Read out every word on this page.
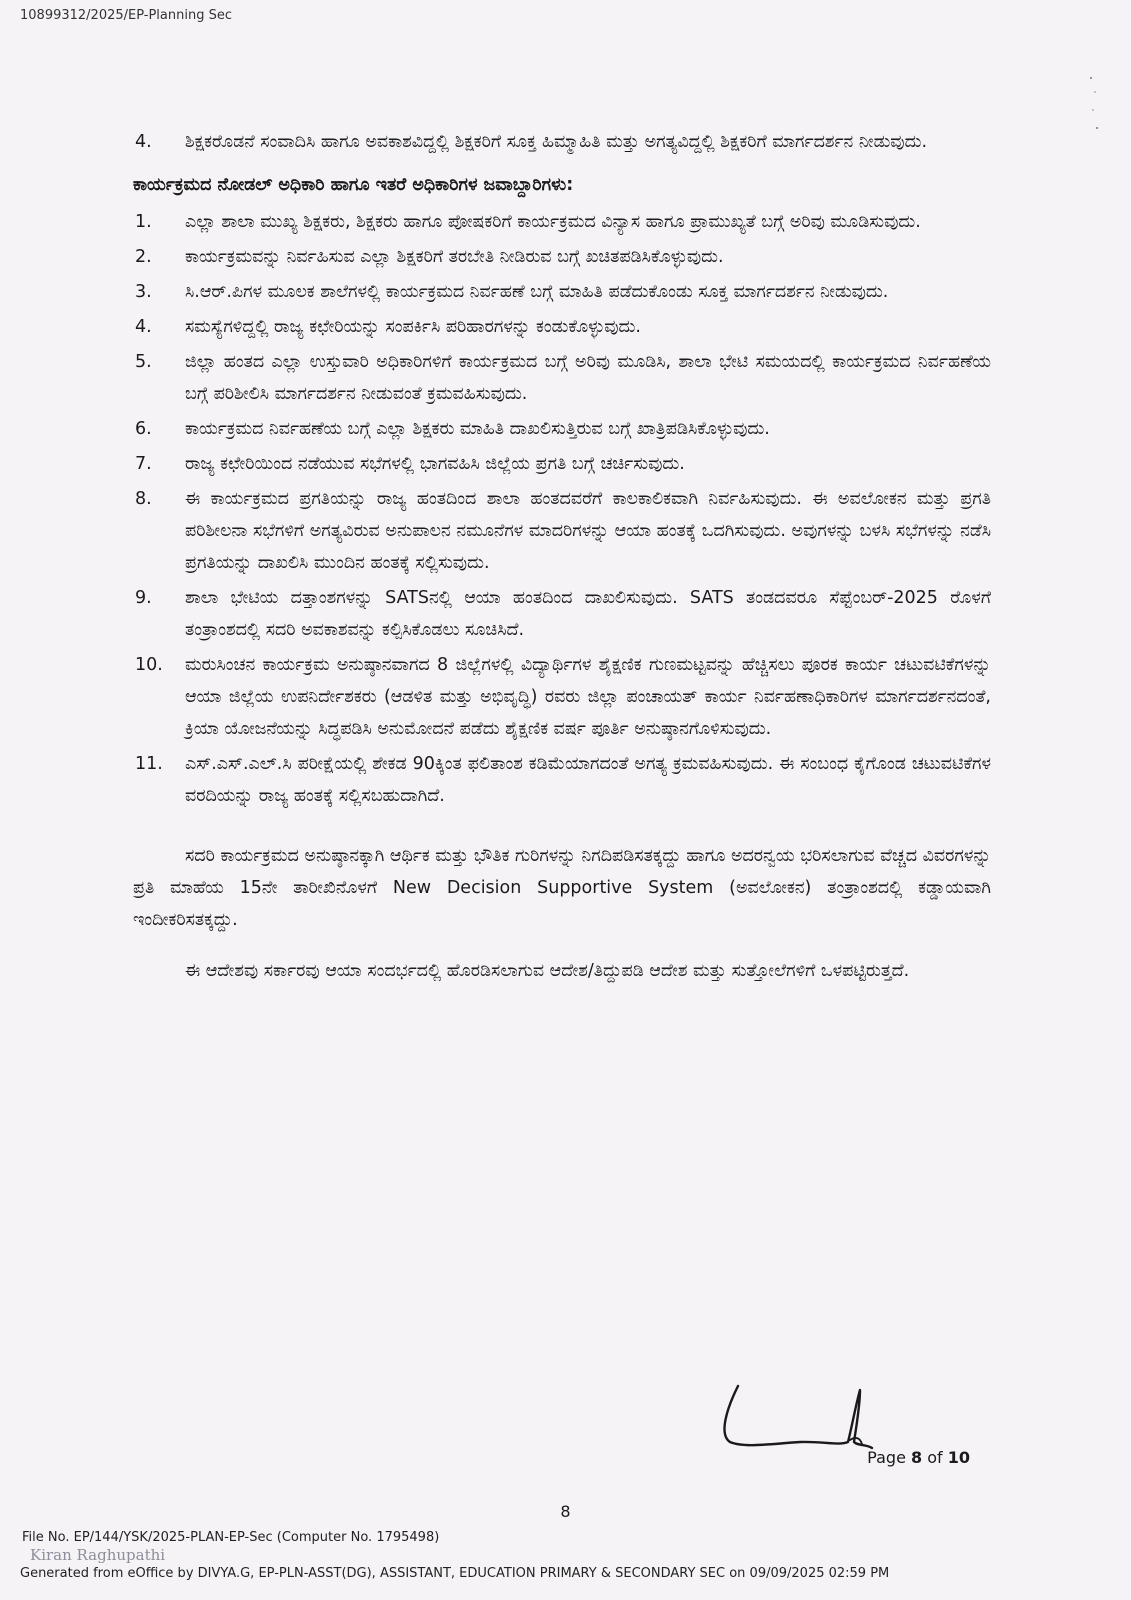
10899312/2025/EP-Planning Sec
4. ಶಿಕ್ಷಕರೊಡನೆ ಸಂವಾದಿಸಿ ಹಾಗೂ ಅವಕಾಶವಿದ್ದಲ್ಲಿ ಶಿಕ್ಷಕರಿಗೆ ಸೂಕ್ತ ಹಿಮ್ಮಾಹಿತಿ ಮತ್ತು ಅಗತ್ಯವಿದ್ದಲ್ಲಿ ಶಿಕ್ಷಕರಿಗೆ ಮಾರ್ಗದರ್ಶನ ನೀಡುವುದು.
ಕಾರ್ಯಕ್ರಮದ ನೋಡಲ್ ಅಧಿಕಾರಿ ಹಾಗೂ ಇತರೆ ಅಧಿಕಾರಿಗಳ ಜವಾಬ್ದಾರಿಗಳು:
1. ಎಲ್ಲಾ ಶಾಲಾ ಮುಖ್ಯ ಶಿಕ್ಷಕರು, ಶಿಕ್ಷಕರು ಹಾಗೂ ಪೋಷಕರಿಗೆ ಕಾರ್ಯಕ್ರಮದ ವಿನ್ಯಾಸ ಹಾಗೂ ಪ್ರಾಮುಖ್ಯತೆ ಬಗ್ಗೆ ಅರಿವು ಮೂಡಿಸುವುದು.
2. ಕಾರ್ಯಕ್ರಮವನ್ನು ನಿರ್ವಹಿಸುವ ಎಲ್ಲಾ ಶಿಕ್ಷಕರಿಗೆ ತರಬೇತಿ ನೀಡಿರುವ ಬಗ್ಗೆ ಖಚಿತಪಡಿಸಿಕೊಳ್ಳುವುದು.
3. ಸಿ.ಆರ್.ಪಿಗಳ ಮೂಲಕ ಶಾಲೆಗಳಲ್ಲಿ ಕಾರ್ಯಕ್ರಮದ ನಿರ್ವಹಣೆ ಬಗ್ಗೆ ಮಾಹಿತಿ ಪಡೆದುಕೊಂಡು ಸೂಕ್ತ ಮಾರ್ಗದರ್ಶನ ನೀಡುವುದು.
4. ಸಮಸ್ಯೆಗಳಿದ್ದಲ್ಲಿ ರಾಜ್ಯ ಕಛೇರಿಯನ್ನು ಸಂಪರ್ಕಿಸಿ ಪರಿಹಾರಗಳನ್ನು ಕಂಡುಕೊಳ್ಳುವುದು.
5. ಜಿಲ್ಲಾ ಹಂತದ ಎಲ್ಲಾ ಉಸ್ತುವಾರಿ ಅಧಿಕಾರಿಗಳಿಗೆ ಕಾರ್ಯಕ್ರಮದ ಬಗ್ಗೆ ಅರಿವು ಮೂಡಿಸಿ, ಶಾಲಾ ಭೇಟಿ ಸಮಯದಲ್ಲಿ ಕಾರ್ಯಕ್ರಮದ ನಿರ್ವಹಣೆಯ ಬಗ್ಗೆ ಪರಿಶೀಲಿಸಿ ಮಾರ್ಗದರ್ಶನ ನೀಡುವಂತೆ ಕ್ರಮವಹಿಸುವುದು.
6. ಕಾರ್ಯಕ್ರಮದ ನಿರ್ವಹಣೆಯ ಬಗ್ಗೆ ಎಲ್ಲಾ ಶಿಕ್ಷಕರು ಮಾಹಿತಿ ದಾಖಲಿಸುತ್ತಿರುವ ಬಗ್ಗೆ ಖಾತ್ರಿಪಡಿಸಿಕೊಳ್ಳುವುದು.
7. ರಾಜ್ಯ ಕಛೇರಿಯಿಂದ ನಡೆಯುವ ಸಭೆಗಳಲ್ಲಿ ಭಾಗವಹಿಸಿ ಜಿಲ್ಲೆಯ ಪ್ರಗತಿ ಬಗ್ಗೆ ಚರ್ಚಿಸುವುದು.
8. ಈ ಕಾರ್ಯಕ್ರಮದ ಪ್ರಗತಿಯನ್ನು ರಾಜ್ಯ ಹಂತದಿಂದ ಶಾಲಾ ಹಂತದವರೆಗೆ ಕಾಲಕಾಲಿಕವಾಗಿ ನಿರ್ವಹಿಸುವುದು. ಈ ಅವಲೋಕನ ಮತ್ತು ಪ್ರಗತಿ ಪರಿಶೀಲನಾ ಸಭೆಗಳಿಗೆ ಅಗತ್ಯವಿರುವ ಅನುಪಾಲನ ನಮೂನೆಗಳ ಮಾದರಿಗಳನ್ನು ಆಯಾ ಹಂತಕ್ಕೆ ಒದಗಿಸುವುದು. ಅವುಗಳನ್ನು ಬಳಸಿ ಸಭೆಗಳನ್ನು ನಡೆಸಿ ಪ್ರಗತಿಯನ್ನು ದಾಖಲಿಸಿ ಮುಂದಿನ ಹಂತಕ್ಕೆ ಸಲ್ಲಿಸುವುದು.
9. ಶಾಲಾ ಭೇಟಿಯ ದತ್ತಾಂಶಗಳನ್ನು SATSನಲ್ಲಿ ಆಯಾ ಹಂತದಿಂದ ದಾಖಲಿಸುವುದು. SATS ತಂಡದವರೂ ಸೆಪ್ಟೆಂಬರ್-2025 ರೊಳಗೆ ತಂತ್ರಾಂಶದಲ್ಲಿ ಸದರಿ ಅವಕಾಶವನ್ನು ಕಲ್ಪಿಸಿಕೊಡಲು ಸೂಚಿಸಿದೆ.
10. ಮರುಸಿಂಚನ ಕಾರ್ಯಕ್ರಮ ಅನುಷ್ಠಾನವಾಗದ 8 ಜಿಲ್ಲೆಗಳಲ್ಲಿ ವಿದ್ಯಾರ್ಥಿಗಳ ಶೈಕ್ಷಣಿಕ ಗುಣಮಟ್ಟವನ್ನು ಹೆಚ್ಚಿಸಲು ಪೂರಕ ಕಾರ್ಯ ಚಟುವಟಿಕೆಗಳನ್ನು ಆಯಾ ಜಿಲ್ಲೆಯ ಉಪನಿರ್ದೇಶಕರು (ಆಡಳಿತ ಮತ್ತು ಅಭಿವೃದ್ಧಿ) ರವರು ಜಿಲ್ಲಾ ಪಂಚಾಯತ್ ಕಾರ್ಯ ನಿರ್ವಹಣಾಧಿಕಾರಿಗಳ ಮಾರ್ಗದರ್ಶನದಂತೆ, ಕ್ರಿಯಾ ಯೋಜನೆಯನ್ನು ಸಿದ್ಧಪಡಿಸಿ ಅನುಮೋದನೆ ಪಡೆದು ಶೈಕ್ಷಣಿಕ ವರ್ಷ ಪೂರ್ತಿ ಅನುಷ್ಠಾನಗೊಳಿಸುವುದು.
11. ಎಸ್.ಎಸ್.ಎಲ್.ಸಿ ಪರೀಕ್ಷೆಯಲ್ಲಿ ಶೇಕಡ 90ಕ್ಕಿಂತ ಫಲಿತಾಂಶ ಕಡಿಮೆಯಾಗದಂತೆ ಅಗತ್ಯ ಕ್ರಮವಹಿಸುವುದು. ಈ ಸಂಬಂಧ ಕೈಗೊಂಡ ಚಟುವಟಿಕೆಗಳ ವರದಿಯನ್ನು ರಾಜ್ಯ ಹಂತಕ್ಕೆ ಸಲ್ಲಿಸಬಹುದಾಗಿದೆ.

ಸದರಿ ಕಾರ್ಯಕ್ರಮದ ಅನುಷ್ಠಾನಕ್ಕಾಗಿ ಆರ್ಥಿಕ ಮತ್ತು ಭೌತಿಕ ಗುರಿಗಳನ್ನು ನಿಗದಿಪಡಿಸತಕ್ಕದ್ದು ಹಾಗೂ ಅದರನ್ವಯ ಭರಿಸಲಾಗುವ ವೆಚ್ಚದ ವಿವರಗಳನ್ನು ಪ್ರತಿ ಮಾಹೆಯ 15ನೇ ತಾರೀಖಿನೊಳಗೆ New Decision Supportive System (ಅವಲೋಕನ) ತಂತ್ರಾಂಶದಲ್ಲಿ ಕಡ್ಡಾಯವಾಗಿ ಇಂದೀಕರಿಸತಕ್ಕದ್ದು.

ಈ ಆದೇಶವು ಸರ್ಕಾರವು ಆಯಾ ಸಂದರ್ಭದಲ್ಲಿ ಹೊರಡಿಸಲಾಗುವ ಆದೇಶ/ತಿದ್ದುಪಡಿ ಆದೇಶ ಮತ್ತು ಸುತ್ತೋಲೆಗಳಿಗೆ ಒಳಪಟ್ಟಿರುತ್ತದೆ.

Page 8 of 10
8
File No. EP/144/YSK/2025-PLAN-EP-Sec (Computer No. 1795498)
Kiran Raghupathi
Generated from eOffice by DIVYA.G, EP-PLN-ASST(DG), ASSISTANT, EDUCATION PRIMARY & SECONDARY SEC on 09/09/2025 02:59 PM
